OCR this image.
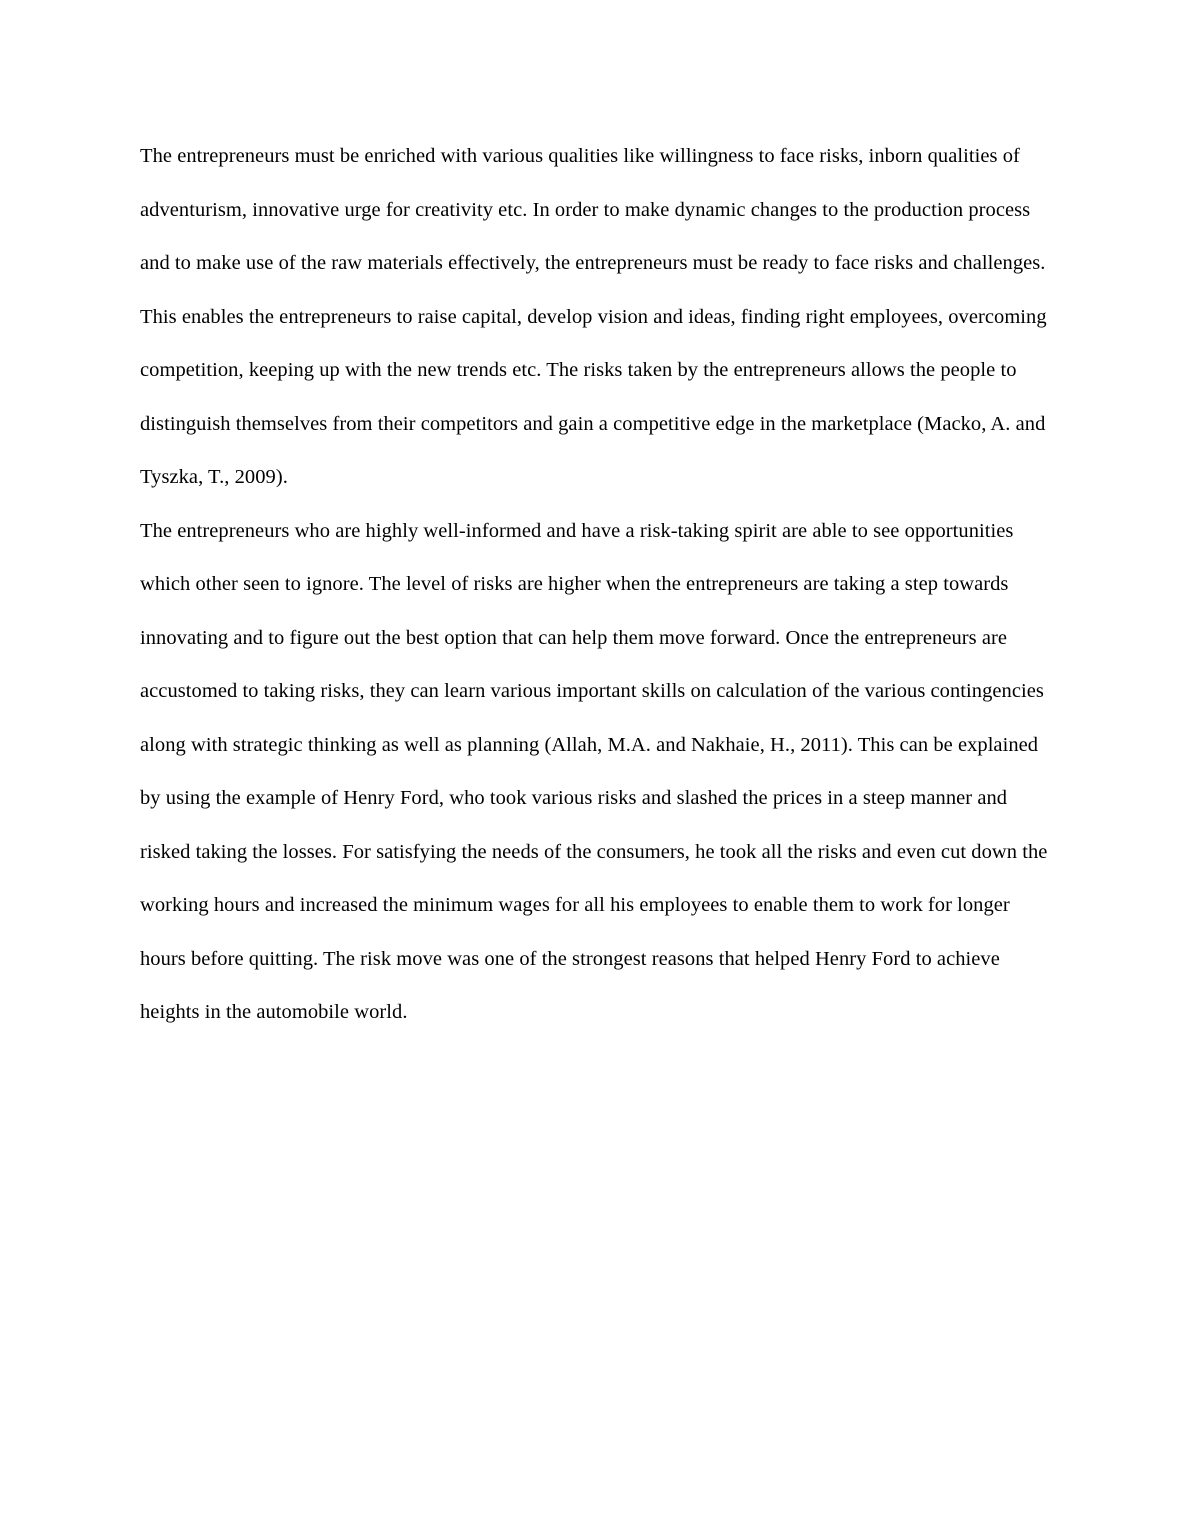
The entrepreneurs must be enriched with various qualities like willingness to face risks, inborn qualities of adventurism, innovative urge for creativity etc. In order to make dynamic changes to the production process and to make use of the raw materials effectively, the entrepreneurs must be ready to face risks and challenges. This enables the entrepreneurs to raise capital, develop vision and ideas, finding right employees, overcoming competition, keeping up with the new trends etc. The risks taken by the entrepreneurs allows the people to distinguish themselves from their competitors and gain a competitive edge in the marketplace (Macko, A. and Tyszka, T., 2009).

The entrepreneurs who are highly well-informed and have a risk-taking spirit are able to see opportunities which other seen to ignore. The level of risks are higher when the entrepreneurs are taking a step towards innovating and to figure out the best option that can help them move forward. Once the entrepreneurs are accustomed to taking risks, they can learn various important skills on calculation of the various contingencies along with strategic thinking as well as planning (Allah, M.A. and Nakhaie, H., 2011). This can be explained by using the example of Henry Ford, who took various risks and slashed the prices in a steep manner and risked taking the losses. For satisfying the needs of the consumers, he took all the risks and even cut down the working hours and increased the minimum wages for all his employees to enable them to work for longer hours before quitting. The risk move was one of the strongest reasons that helped Henry Ford to achieve heights in the automobile world.
